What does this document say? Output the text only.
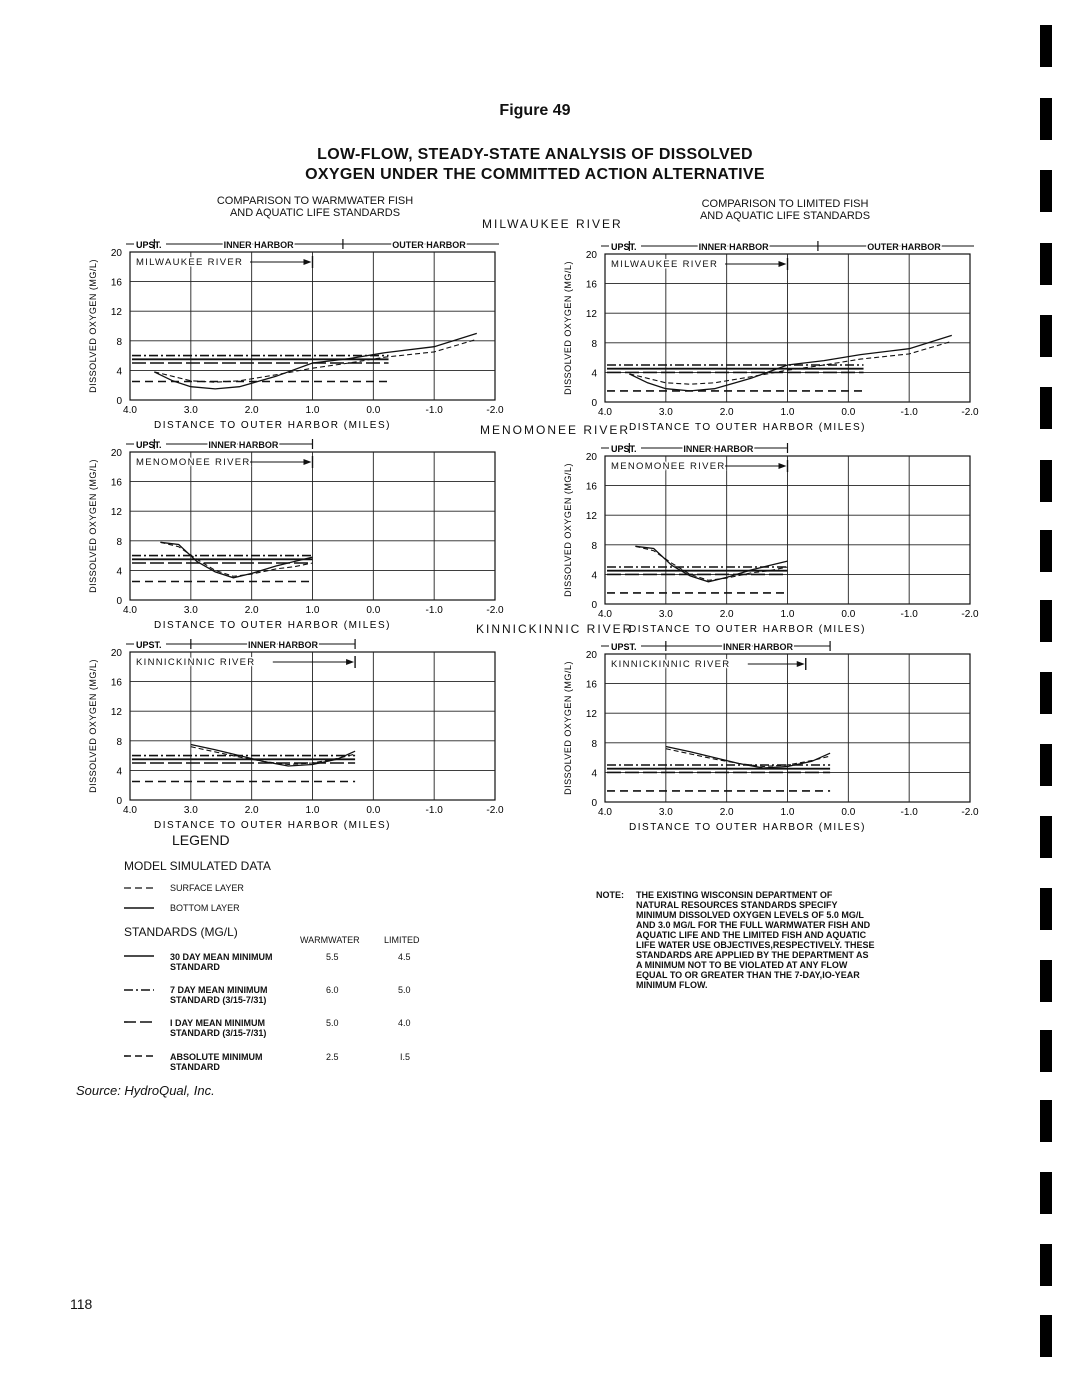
Figure 49
LOW-FLOW, STEADY-STATE ANALYSIS OF DISSOLVED
OXYGEN UNDER THE COMMITTED ACTION ALTERNATIVE
COMPARISON TO WARMWATER FISH
AND AQUATIC LIFE STANDARDS
COMPARISON TO LIMITED FISH
AND AQUATIC LIFE STANDARDS
MILWAUKEE RIVER
MENOMONEE RIVER
KINNICKINNIC RIVER
4.0	3.0	2.0	1.0	0.0	-1.0	-2.0
0
4
8
12
16
20
DISSOLVED OXYGEN (MG/L)
DISTANCE TO OUTER HARBOR (MILES)
UPST.	INNER HARBOR	OUTER HARBOR
MILWAUKEE RIVER
4.0	3.0	2.0	1.0	0.0	-1.0	-2.0
0
4
8
12
16
20
DISSOLVED OXYGEN (MG/L)
DISTANCE TO OUTER HARBOR (MILES)
UPST.	INNER HARBOR	OUTER HARBOR
MILWAUKEE RIVER
4.0	3.0	2.0	1.0	0.0	-1.0	-2.0
0
4
8
12
16
20
DISSOLVED OXYGEN (MG/L)
DISTANCE TO OUTER HARBOR (MILES)
UPST.	INNER HARBOR
MENOMONEE RIVER
4.0	3.0	2.0	1.0	0.0	-1.0	-2.0
0
4
8
12
16
20
DISSOLVED OXYGEN (MG/L)
DISTANCE TO OUTER HARBOR (MILES)
UPST.	INNER HARBOR
MENOMONEE RIVER
4.0	3.0	2.0	1.0	0.0	-1.0	-2.0
0
4
8
12
16
20
DISSOLVED OXYGEN (MG/L)
DISTANCE TO OUTER HARBOR (MILES)
UPST.	INNER HARBOR
KINNICKINNIC RIVER
4.0	3.0	2.0	1.0	0.0	-1.0	-2.0
0
4
8
12
16
20
DISSOLVED OXYGEN (MG/L)
DISTANCE TO OUTER HARBOR (MILES)
UPST.	INNER HARBOR
KINNICKINNIC RIVER
LEGEND
MODEL SIMULATED DATA
SURFACE LAYER
BOTTOM LAYER
STANDARDS (MG/L)
WARMWATER	LIMITED
30 DAY MEAN MINIMUM
STANDARD
5.5	4.5
7 DAY MEAN MINIMUM
STANDARD (3/15-7/31)
6.0	5.0
I DAY MEAN MINIMUM
STANDARD (3/15-7/31)
5.0	4.0
ABSOLUTE MINIMUM
STANDARD
2.5	I.5
NOTE: THE EXISTING WISCONSIN DEPARTMENT OF NATURAL RESOURCES STANDARDS SPECIFY MINIMUM DISSOLVED OXYGEN LEVELS OF 5.0 MG/L AND 3.0 MG/L FOR THE FULL WARMWATER FISH AND AQUATIC LIFE AND THE LIMITED FISH AND AQUATIC LIFE WATER USE OBJECTIVES,RESPECTIVELY. THESE STANDARDS ARE APPLIED BY THE DEPARTMENT AS A MINIMUM NOT TO BE VIOLATED AT ANY FLOW EQUAL TO OR GREATER THAN THE 7-DAY,IO-YEAR MINIMUM FLOW.
Source: HydroQual, Inc.
118
